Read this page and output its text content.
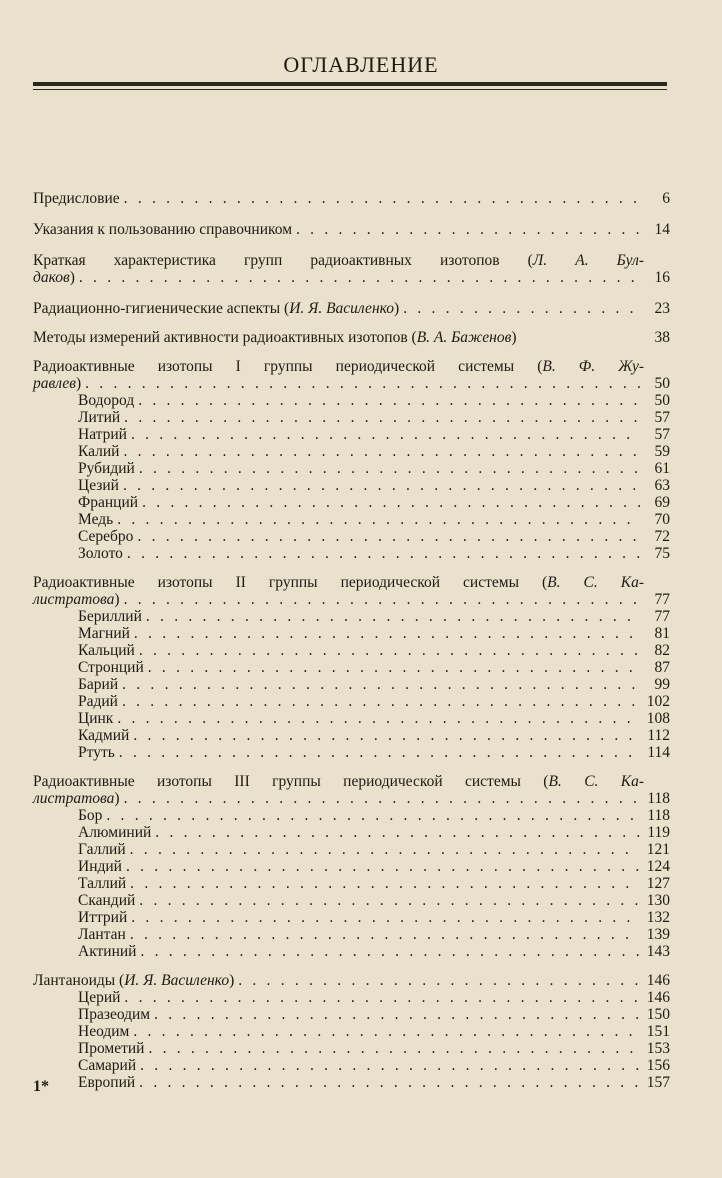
ОГЛАВЛЕНИЕ
Предисловие . . .	6
Указания к пользованию справочником . . .	14
Краткая характеристика групп радиоактивных изотопов (Л. А. Бул-
даков) . . .	16
Радиационно-гигиенические аспекты (И. Я. Василенко) . . .	23
Методы измерений активности радиоактивных изотопов (В. А. Баженов)	38
Радиоактивные изотопы I группы периодической системы (В. Ф. Жу-
равлев) . . .	50
Водород . . .	50
Литий . . .	57
Натрий . . .	57
Калий . . .	59
Рубидий . . .	61
Цезий . . .	63
Франций . . .	69
Медь . . .	70
Серебро . . .	72
Золото . . .	75
Радиоактивные изотопы II группы периодической системы (В. С. Ка-
листратова) . . .	77
Бериллий . . .	77
Магний . . .	81
Кальций . . .	82
Стронций . . .	87
Барий . . .	99
Радий . . .	102
Цинк . . .	108
Кадмий . . .	112
Ртуть . . .	114
Радиоактивные изотопы III группы периодической системы (В. С. Ка-
листратова) . . .	118
Бор . . .	118
Алюминий . . .	119
Галлий . . .	121
Индий . . .	124
Таллий . . .	127
Скандий . . .	130
Иттрий . . .	132
Лантан . . .	139
Актиний . . .	143
Лантаноиды (И. Я. Василенко) . . .	146
Церий . . .	146
Празеодим . . .	150
Неодим . . .	151
Прометий . . .	153
Самарий . . .	156
Европий . . .	157
1*
